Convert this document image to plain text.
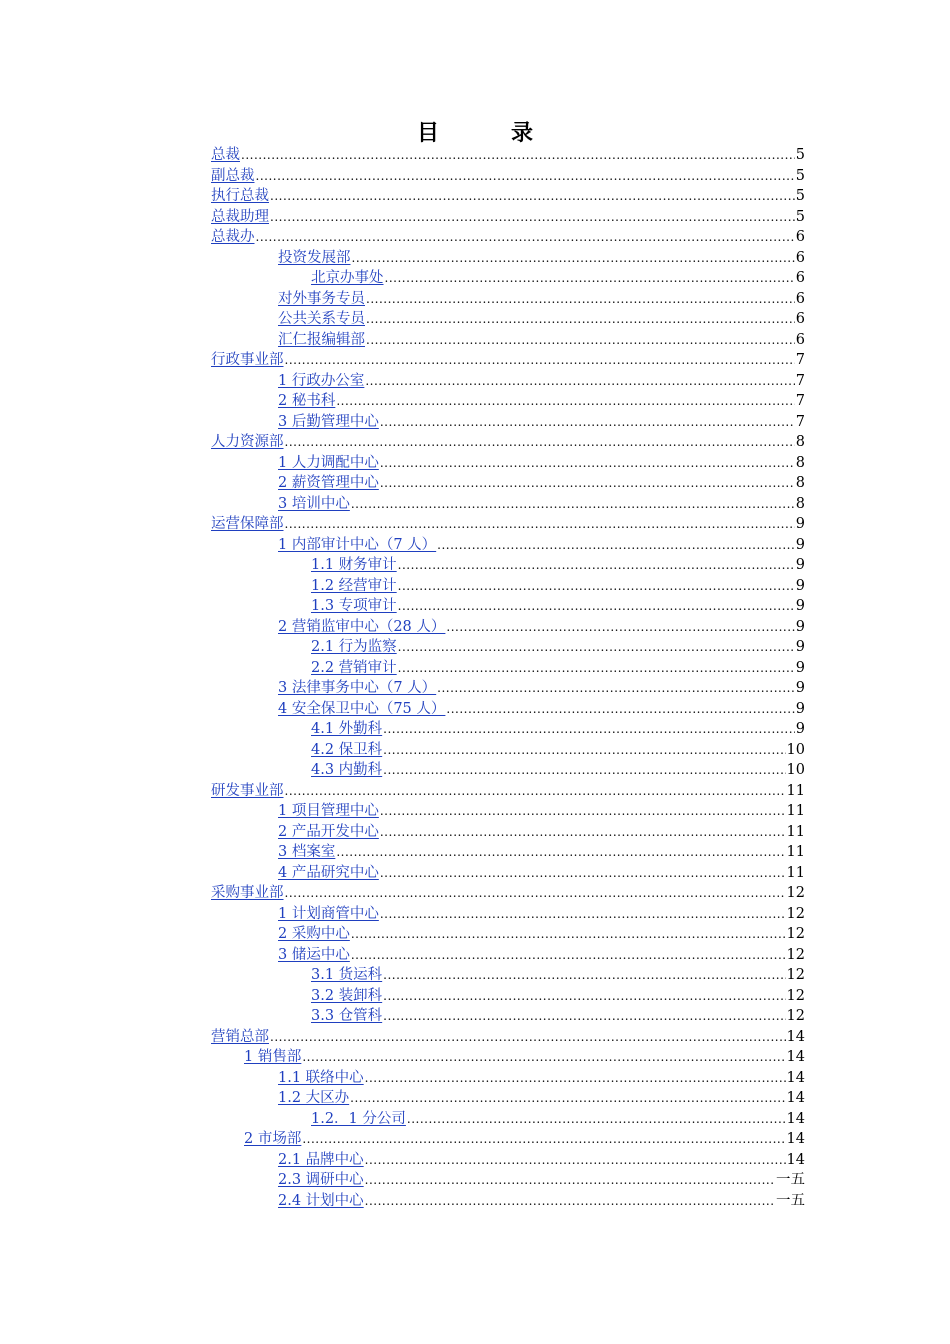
目录
总裁 .....	5
副总裁 .....	5
执行总裁 .....	5
总裁助理 .....	5
总裁办 .....	6
投资发展部 .....	6
北京办事处 .....	6
对外事务专员 .....	6
公共关系专员 .....	6
汇仁报编辑部 .....	6
行政事业部 .....	7
1 行政办公室 .....	7
2 秘书科 .....	7
3 后勤管理中心 .....	7
人力资源部 .....	8
1 人力调配中心 .....	8
2 薪资管理中心 .....	8
3 培训中心 .....	8
运营保障部 .....	9
1 内部审计中心（7 人） .....	9
1.1 财务审计 .....	9
1.2 经营审计 .....	9
1.3 专项审计 .....	9
2 营销监审中心（28 人） .....	9
2.1 行为监察 .....	9
2.2 营销审计 .....	9
3 法律事务中心（7 人） .....	9
4 安全保卫中心（75 人） .....	9
4.1 外勤科 .....	9
4.2 保卫科 .....	10
4.3 内勤科 .....	10
研发事业部 .....	11
1 项目管理中心 .....	11
2 产品开发中心 .....	11
3 档案室 .....	11
4 产品研究中心 .....	11
采购事业部 .....	12
1 计划商管中心 .....	12
2 采购中心 .....	12
3 储运中心 .....	12
3.1 货运科 .....	12
3.2 装卸科 .....	12
3.3 仓管科 .....	12
营销总部 .....	14
1 销售部 .....	14
1.1 联络中心 .....	14
1.2 大区办 .....	14
1.2．1 分公司 .....	14
2 市场部 .....	14
2.1 品牌中心 .....	14
2.3 调研中心 .....	一五
2.4 计划中心 .....	一五
